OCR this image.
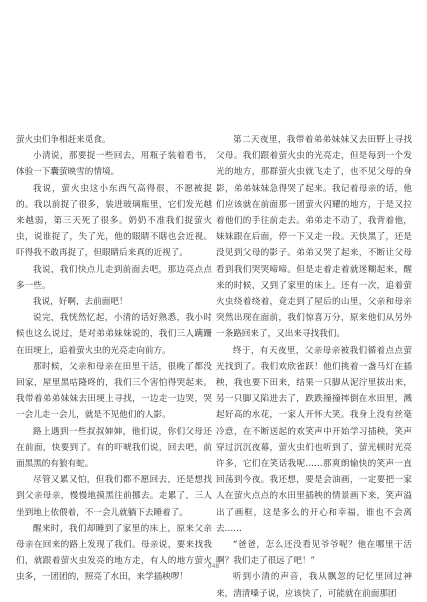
萤火虫们争相赶来觅食。

小清说，那要捉一些回去，用瓶子装着看书，体验一下囊萤映雪的情境。

我说，萤火虫这小东西气高得很，不愿被捉的。我以前捉了很多，装进玻璃瓶里，它们发光越来越弱，第三天死了很多。奶奶不准我们捉萤火虫，说谁捉了，失了光，他的眼睛不瞎也会近视。吓得我不敢再捉了，但眼睛后来真的近视了。

我说，我们快点儿走到前面去吧，那边亮点点多一些。

我说，好啊，去前面吧！

说完，我恍然忆起，小清的话好熟悉，我小时候也这么说过，是对弟弟妹妹说的，我们三人蹒跚在田埂上，追着萤火虫的光亮走向前方。

那时候，父亲和母亲在田里干活，很晚了都没回家，屋里黑咕隆咚的，我们三个害怕得哭起来。我带着弟弟妹妹去田埂上寻找，一边走一边哭，哭一会儿走一会儿，就是不见他们的人影。

路上遇到一些叔叔婶婶，他们说，你们父母还在前面，快要到了。有的吓唬我们说，回去吧，前面黑黑的有狼有蛇。

尽管又累又怕，但我们都不愿回去，还是想找到父亲母亲，慢慢地摸黑往前挪去。走累了，三人坐到地上依偎着，不一会儿就躺下去睡着了。

醒来时，我们却睡到了家里的床上，原来父亲母亲在回来的路上发现了我们。母亲说，要来找我们，就跟着萤火虫发亮的地方走，有人的地方萤火虫多，一团团的，照亮了水田，来学插秧啰！

第二天夜里，我带着弟弟妹妹又去田野上寻找父母。我们跟着萤火虫的光亮走，但是每到一个发光的地方，那群萤火虫就飞走了，也不见父母的身影，弟弟妹妹急得哭了起来。我记着母亲的话，他们应该就在前面那一团萤火闪耀的地方，于是又拉着他们的手往前走去。弟弟走不动了，我背着他，妹妹跟在后面，停一下又走一段。天快黑了，还是没见到父母的影子。弟弟又哭了起来，不断让父母看到我们哭哭啼啼。但是走着走着就迷糊起来，醒来的时候，又到了家里的床上。还有一次，追着萤火虫绕着绕着，竟走到了屋后的山里，父亲和母亲突然出现在面前，我们惊喜万分，原来他们从另外一条路回来了，又出来寻找我们。

终于，有天夜里，父亲母亲被我们循着点点萤光找到了。我们欢欣雀跃！他们挑着一盏马灯在插秧，我也要下田来，结果一只脚从泥泞里拔出来，另一只脚又陷进去了，跌跌撞撞摔倒在水田里，溅起好高的水花，一家人开怀大笑。我身上没有丝毫冷意，在不断送起的欢笑声中开始学习插秧，笑声穿过沉沉夜幕，萤火虫们也听到了，萤光顿时光亮许多，它们在笑话我呢……那爽朗愉快的笑声一直回荡到今夜。我还想，要是会油画，一定要把一家人在萤火点点的水田里插秧的情景画下来，笑声溢出了画框，这是多么的开心和幸福，谁也不会离去……

“爸爸，怎么还没看见爷爷呢？他在哪里干活啊？我们走了很远了吧！”

听到小清的声音，我从飘忽的记忆里回过神来，清清嗓子说，应该快了，可能就在前面那团

048
